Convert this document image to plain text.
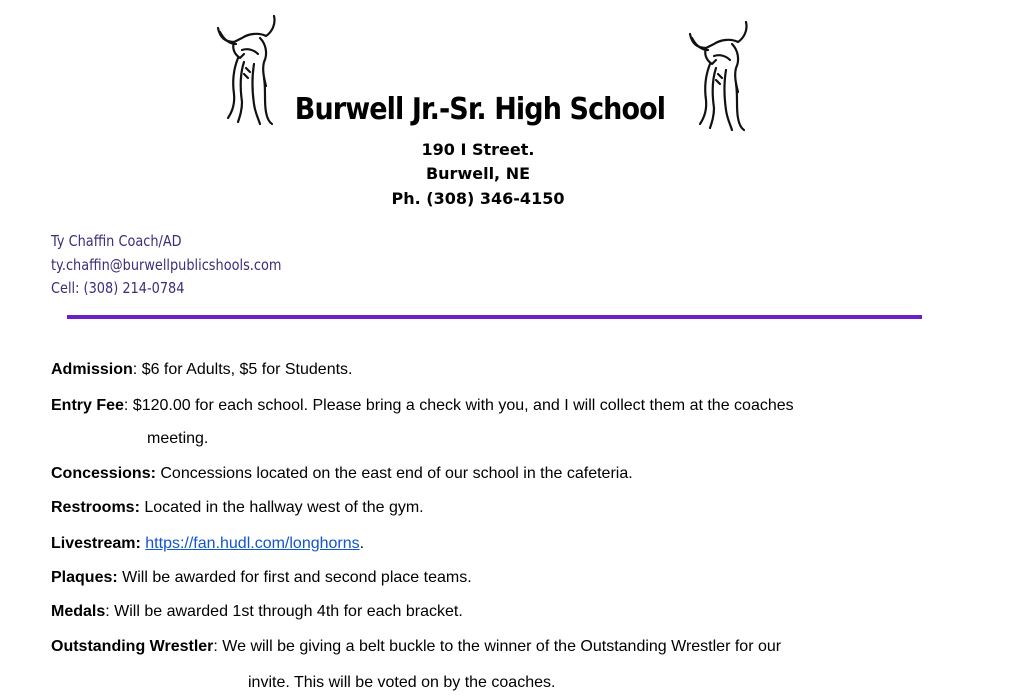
Burwell Jr.-Sr. High School
190 I Street.
Burwell, NE
Ph. (308) 346-4150
Ty Chaffin Coach/AD
ty.chaffin@burwellpublicshools.com
Cell: (308) 214-0784
Admission: $6 for Adults, $5 for Students.
Entry Fee: $120.00 for each school. Please bring a check with you, and I will collect them at the coaches
meeting.
Concessions: Concessions located on the east end of our school in the cafeteria.
Restrooms: Located in the hallway west of the gym.
Livestream: https://fan.hudl.com/longhorns.
Plaques: Will be awarded for first and second place teams.
Medals: Will be awarded 1st through 4th for each bracket.
Outstanding Wrestler: We will be giving a belt buckle to the winner of the Outstanding Wrestler for our
invite. This will be voted on by the coaches.
